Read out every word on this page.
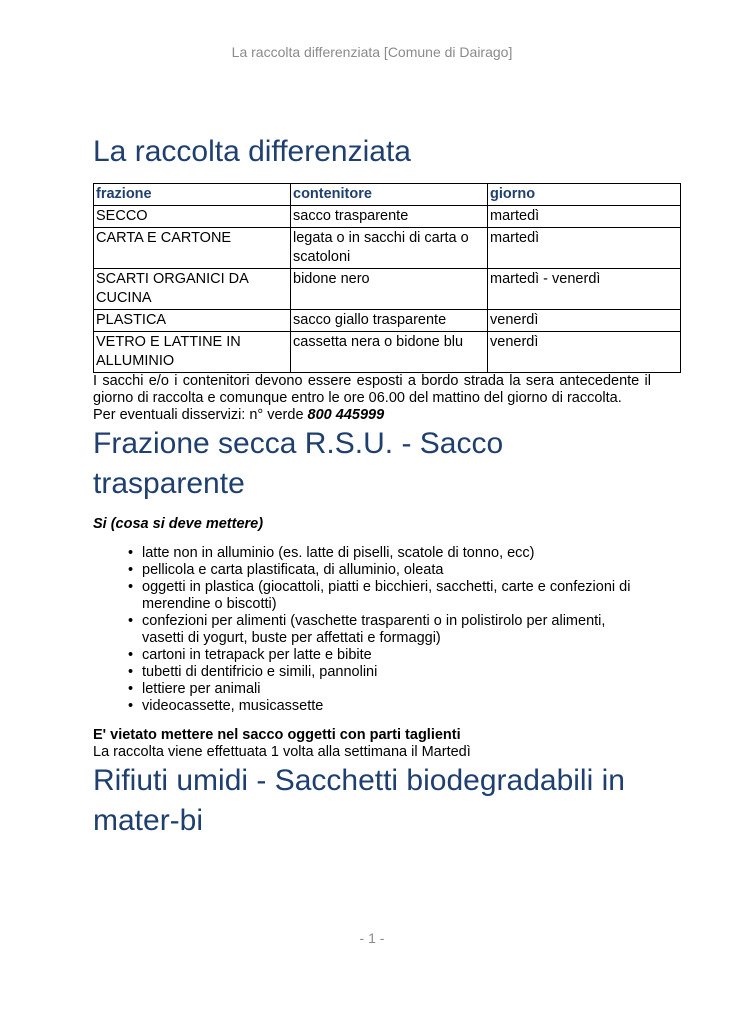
La raccolta differenziata [Comune di Dairago]
La raccolta differenziata
frazione	contenitore	giorno
SECCO	sacco trasparente	martedì
CARTA E CARTONE	legata o in sacchi di carta o scatoloni	martedì
SCARTI ORGANICI DA CUCINA	bidone nero	martedì - venerdì
PLASTICA	sacco giallo trasparente	venerdì
VETRO E LATTINE IN ALLUMINIO	cassetta nera o bidone blu	venerdì

I sacchi e/o i contenitori devono essere esposti a bordo strada la sera antecedente il giorno di raccolta e comunque entro le ore 06.00 del mattino del giorno di raccolta.

Per eventuali disservizi: n° verde 800 445999

Frazione secca R.S.U. - Sacco trasparente

Si (cosa si deve mettere)

• latte non in alluminio (es. latte di piselli, scatole di tonno, ecc)
• pellicola e carta plastificata, di alluminio, oleata
• oggetti in plastica (giocattoli, piatti e bicchieri, sacchetti, carte e confezioni di merendine o biscotti)
• confezioni per alimenti (vaschette trasparenti o in polistirolo per alimenti, vasetti di yogurt, buste per affettati e formaggi)
• cartoni in tetrapack per latte e bibite
• tubetti di dentifricio e simili, pannolini
• lettiere per animali
• videocassette, musicassette

E' vietato mettere nel sacco oggetti con parti taglienti

La raccolta viene effettuata 1 volta alla settimana il Martedì

Rifiuti umidi - Sacchetti biodegradabili in mater-bi
- 1 -
